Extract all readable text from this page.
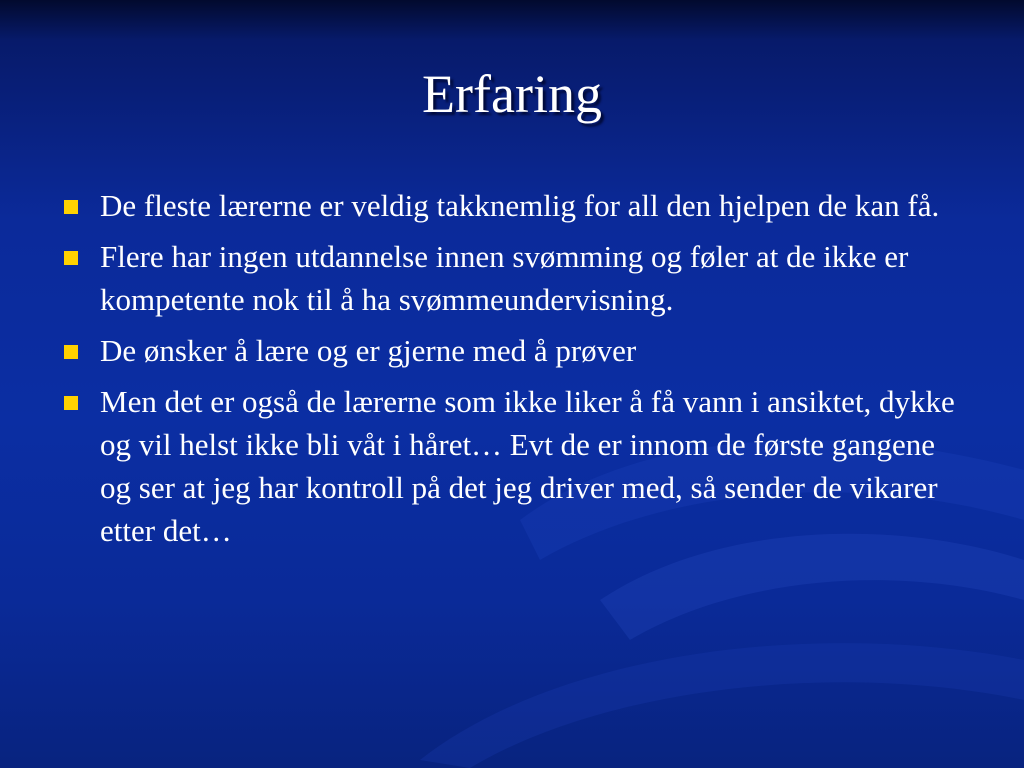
Erfaring
De fleste lærerne er veldig takknemlig for all den hjelpen de kan få.
Flere har ingen utdannelse innen svømming og føler at de ikke er kompetente nok til å ha svømmeundervisning.
De ønsker å lære og er gjerne med å prøver
Men det er også de lærerne som ikke liker å få vann i ansiktet, dykke og vil helst ikke bli våt i håret… Evt de er innom de første gangene og ser at jeg har kontroll på det jeg driver med, så sender de vikarer etter det…
